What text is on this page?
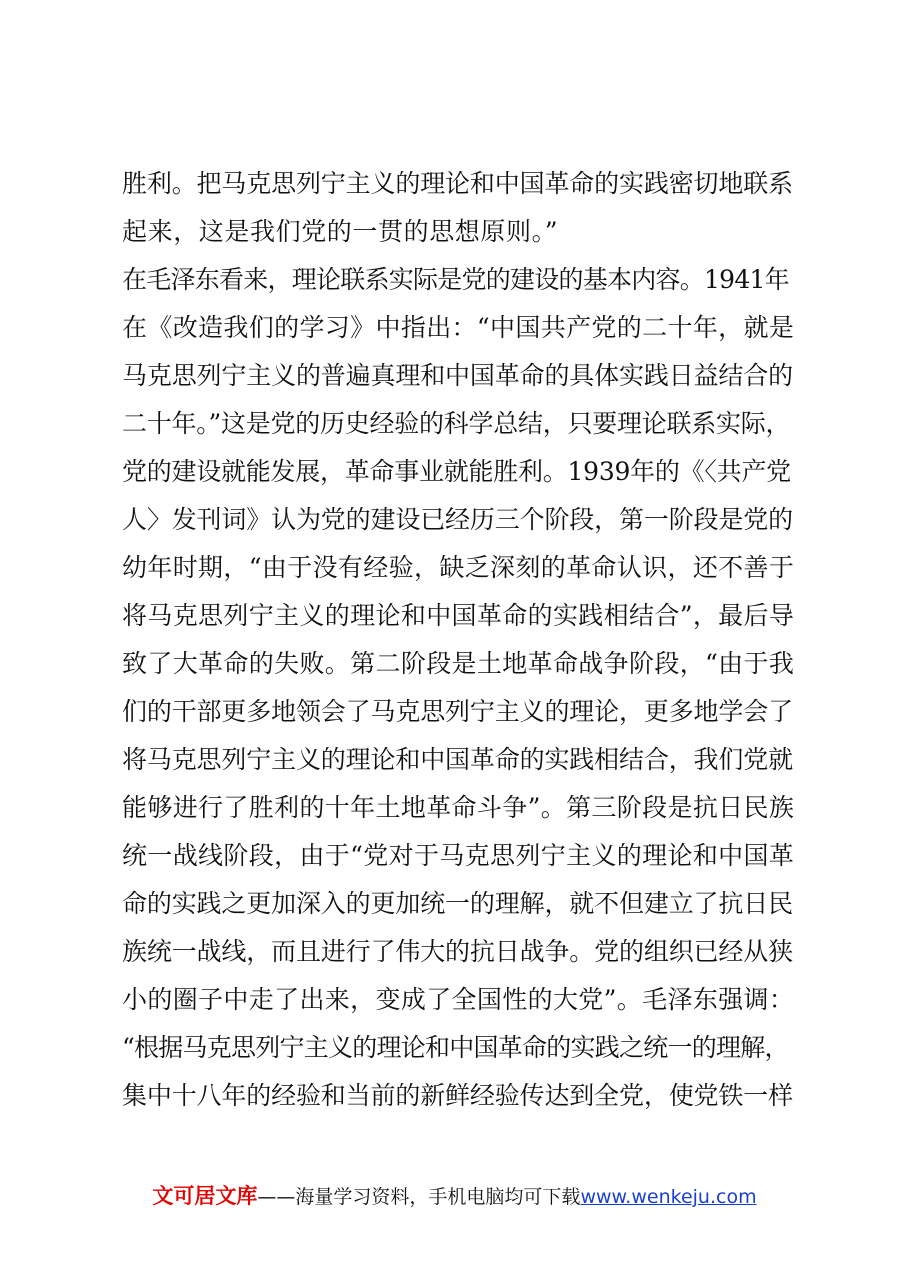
胜利。把马克思列宁主义的理论和中国革命的实践密切地联系
起来，这是我们党的一贯的思想原则。”
在毛泽东看来，理论联系实际是党的建设的基本内容。1941年
在《改造我们的学习》中指出：“中国共产党的二十年，就是
马克思列宁主义的普遍真理和中国革命的具体实践日益结合的
二十年。”这是党的历史经验的科学总结，只要理论联系实际，
党的建设就能发展，革命事业就能胜利。1939年的《〈共产党
人〉发刊词》认为党的建设已经历三个阶段，第一阶段是党的
幼年时期，“由于没有经验，缺乏深刻的革命认识，还不善于
将马克思列宁主义的理论和中国革命的实践相结合”，最后导
致了大革命的失败。第二阶段是土地革命战争阶段，“由于我
们的干部更多地领会了马克思列宁主义的理论，更多地学会了
将马克思列宁主义的理论和中国革命的实践相结合，我们党就
能够进行了胜利的十年土地革命斗争”。第三阶段是抗日民族
统一战线阶段，由于“党对于马克思列宁主义的理论和中国革
命的实践之更加深入的更加统一的理解，就不但建立了抗日民
族统一战线，而且进行了伟大的抗日战争。党的组织已经从狭
小的圈子中走了出来，变成了全国性的大党”。毛泽东强调：
“根据马克思列宁主义的理论和中国革命的实践之统一的理解，
集中十八年的经验和当前的新鲜经验传达到全党，使党铁一样
文可居文库——海量学习资料，手机电脑均可下载www.wenkeju.com
